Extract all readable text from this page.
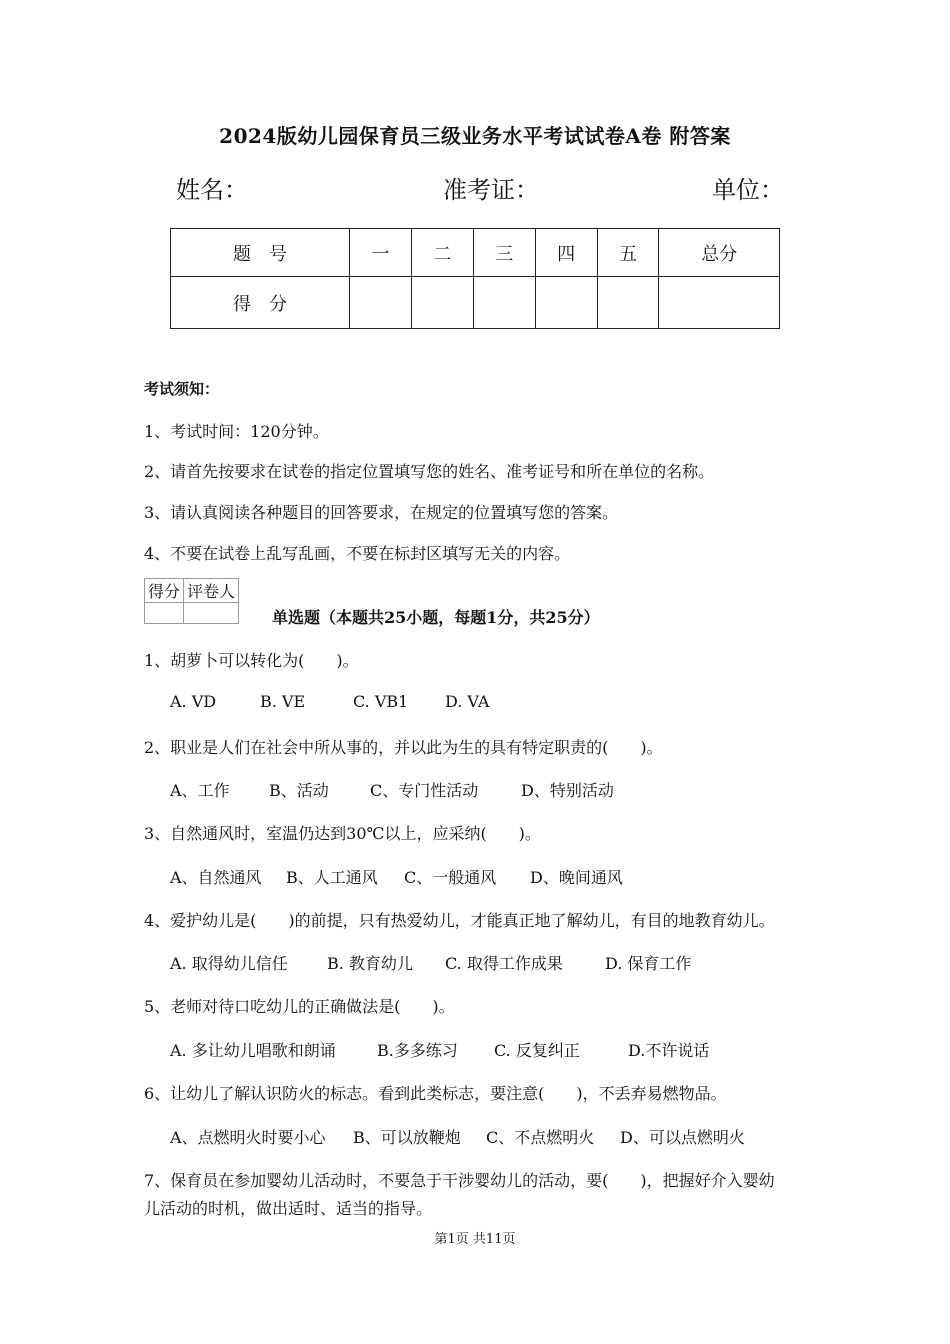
2024版幼儿园保育员三级业务水平考试试卷A卷 附答案
姓名：	准考证：	单位：
题　号	一	二	三	四	五	总分
得　分						
考试须知：
1、考试时间：120分钟。
2、请首先按要求在试卷的指定位置填写您的姓名、准考证号和所在单位的名称。
3、请认真阅读各种题目的回答要求，在规定的位置填写您的答案。
4、不要在试卷上乱写乱画，不要在标封区填写无关的内容。
得分	评卷人

单选题（本题共25小题，每题1分，共25分）
1、胡萝卜可以转化为(　　)。
A. VD	B. VE	C. VB1 D. VA
2、职业是人们在社会中所从事的，并以此为生的具有特定职责的(　　)。
A、工作 B、活动	C、专门性活动	D、特别活动
3、自然通风时，室温仍达到30℃以上，应采纳(　　)。
A、自然通风 B、人工通风 C、一般通风 D、晚间通风
4、爱护幼儿是(　　)的前提，只有热爱幼儿，才能真正地了解幼儿，有目的地教育幼儿。
A. 取得幼儿信任 B. 教育幼儿 C. 取得工作成果	D. 保育工作
5、老师对待口吃幼儿的正确做法是(　　)。
A. 多让幼儿唱歌和朗诵	B.多多练习 C. 反复纠正	D.不许说话
6、让幼儿了解认识防火的标志。看到此类标志，要注意(　　)，不丢弃易燃物品。
A、点燃明火时要小心 B、可以放鞭炮 C、不点燃明火 D、可以点燃明火
7、保育员在参加婴幼儿活动时，不要急于干涉婴幼儿的活动，要(　　)，把握好介入婴幼
儿活动的时机，做出适时、适当的指导。
第1页 共11页
